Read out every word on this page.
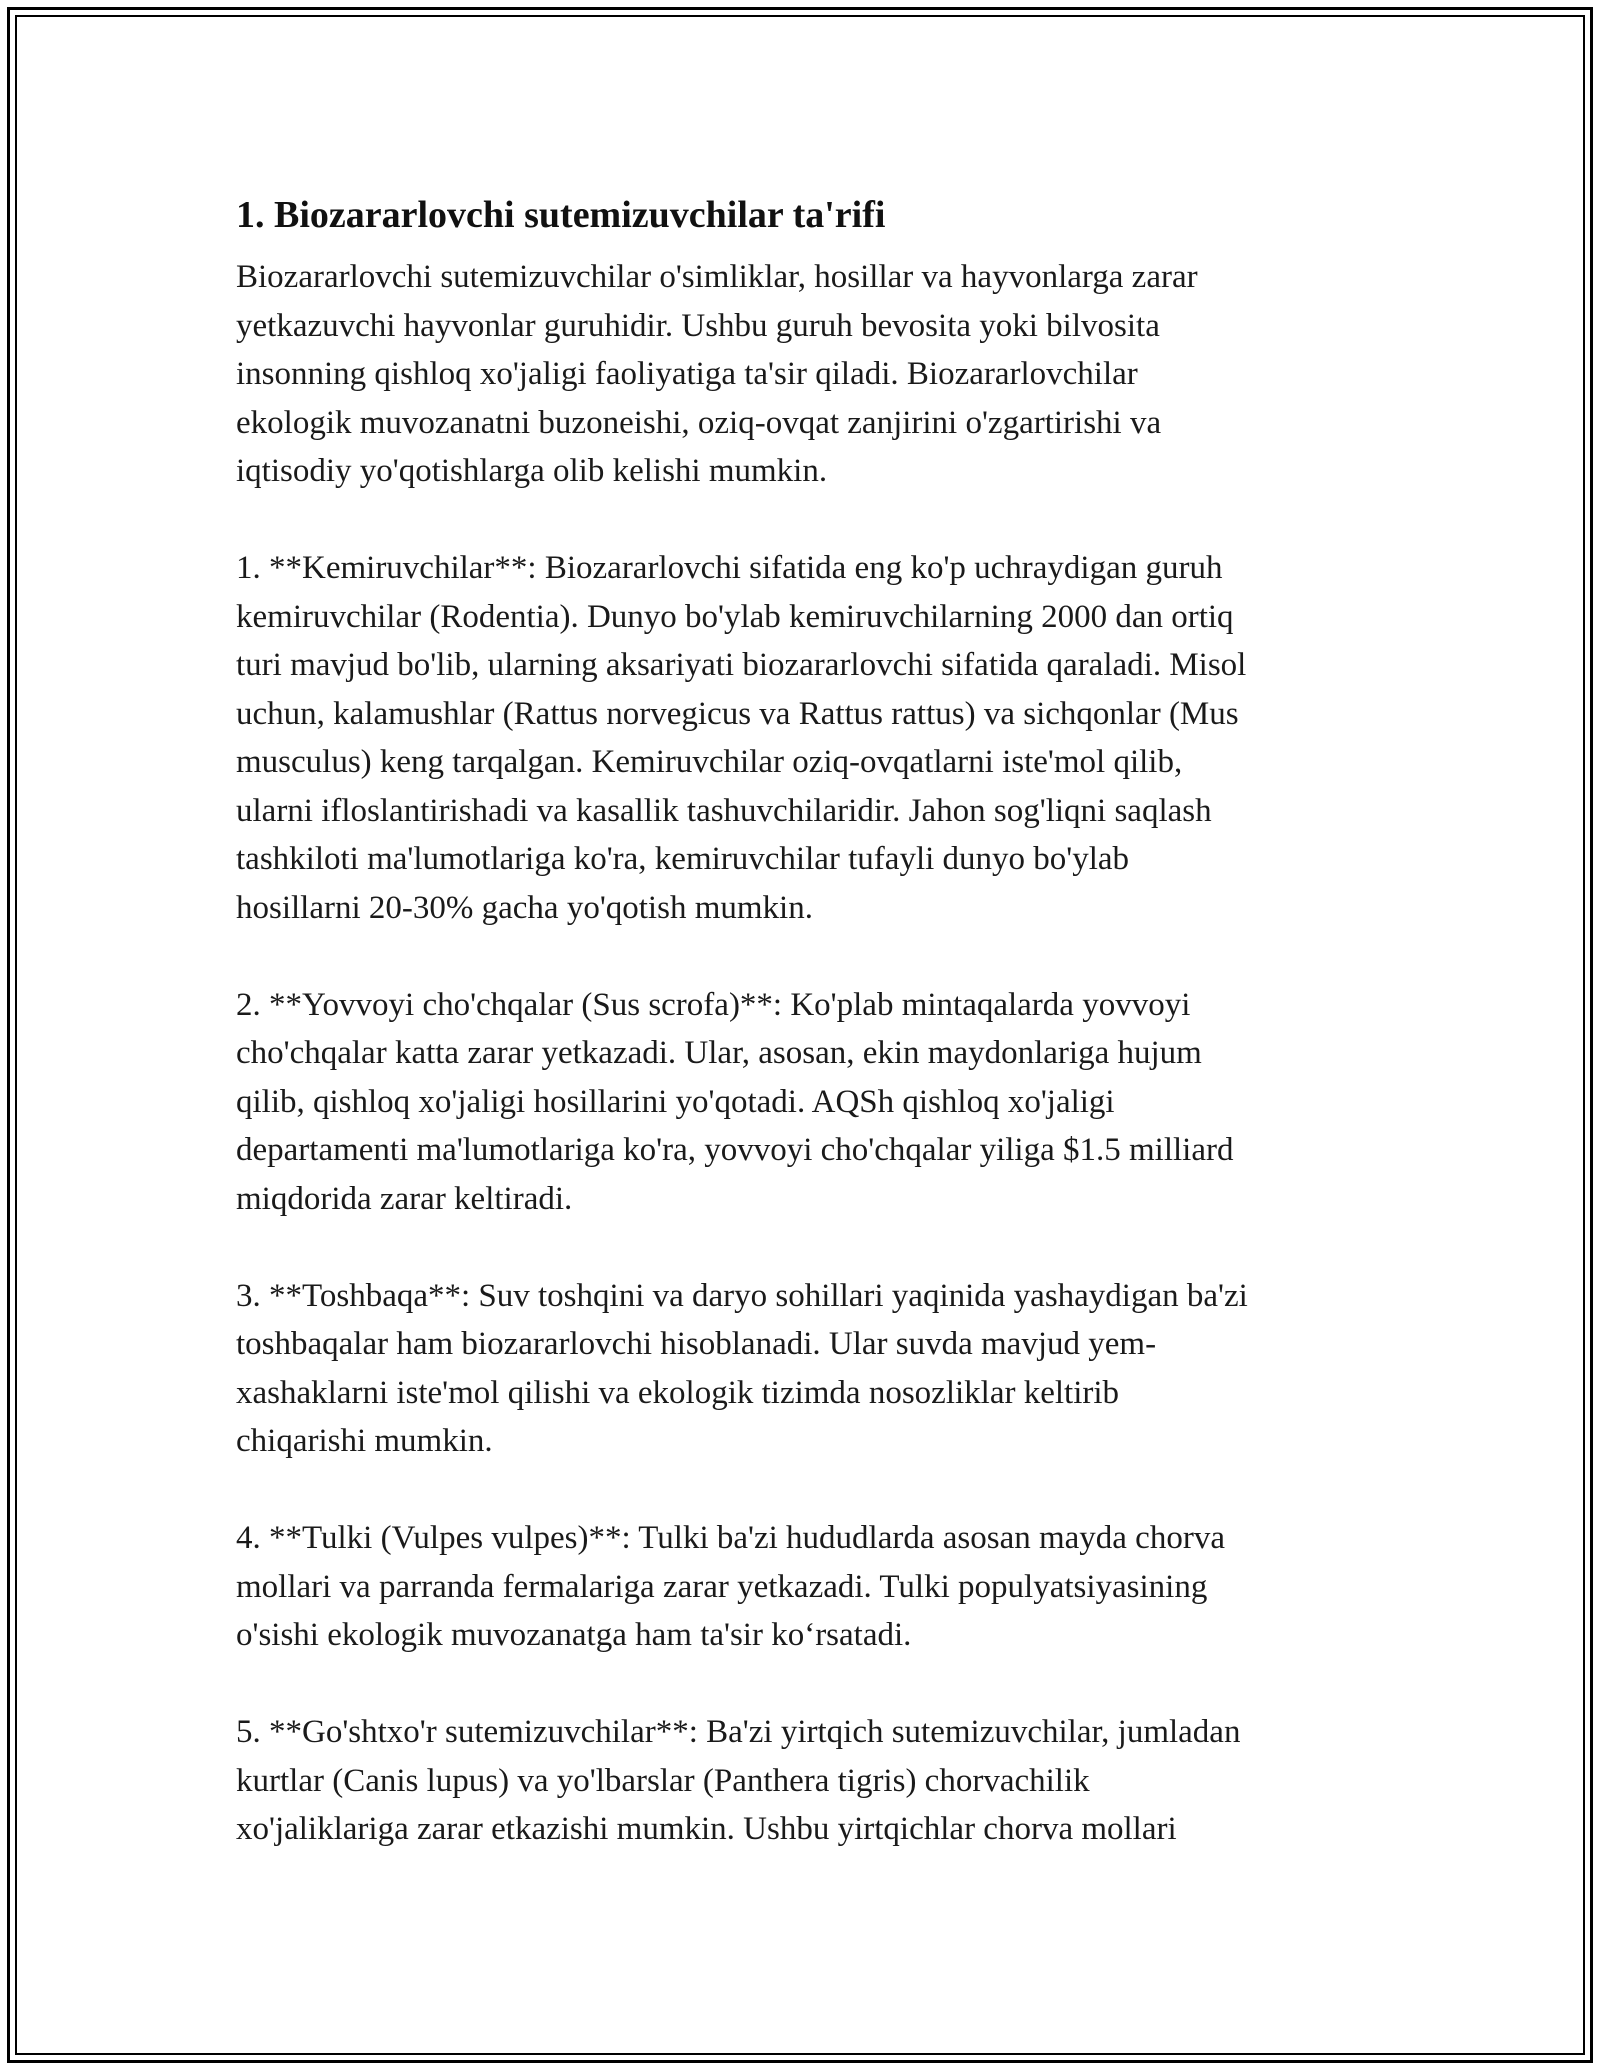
1. Biozararlovchi sutemizuvchilar ta'rifi

Biozararlovchi sutemizuvchilar o'simliklar, hosillar va hayvonlarga zarar
yetkazuvchi hayvonlar guruhidir. Ushbu guruh bevosita yoki bilvosita
insonning qishloq xo'jaligi faoliyatiga ta'sir qiladi. Biozararlovchilar
ekologik muvozanatni buzoneishi, oziq-ovqat zanjirini o'zgartirishi va
iqtisodiy yo'qotishlarga olib kelishi mumkin.

1. **Kemiruvchilar**: Biozararlovchi sifatida eng ko'p uchraydigan guruh
kemiruvchilar (Rodentia). Dunyo bo'ylab kemiruvchilarning 2000 dan ortiq
turi mavjud bo'lib, ularning aksariyati biozararlovchi sifatida qaraladi. Misol
uchun, kalamushlar (Rattus norvegicus va Rattus rattus) va sichqonlar (Mus
musculus) keng tarqalgan. Kemiruvchilar oziq-ovqatlarni iste'mol qilib,
ularni ifloslantirishadi va kasallik tashuvchilaridir. Jahon sog'liqni saqlash
tashkiloti ma'lumotlariga ko'ra, kemiruvchilar tufayli dunyo bo'ylab
hosillarni 20-30% gacha yo'qotish mumkin.

2. **Yovvoyi cho'chqalar (Sus scrofa)**: Ko'plab mintaqalarda yovvoyi
cho'chqalar katta zarar yetkazadi. Ular, asosan, ekin maydonlariga hujum
qilib, qishloq xo'jaligi hosillarini yo'qotadi. AQSh qishloq xo'jaligi
departamenti ma'lumotlariga ko'ra, yovvoyi cho'chqalar yiliga $1.5 milliard
miqdorida zarar keltiradi.

3. **Toshbaqa**: Suv toshqini va daryo sohillari yaqinida yashaydigan ba'zi
toshbaqalar ham biozararlovchi hisoblanadi. Ular suvda mavjud yem-
xashaklarni iste'mol qilishi va ekologik tizimda nosozliklar keltirib
chiqarishi mumkin.

4. **Tulki (Vulpes vulpes)**: Tulki ba'zi hududlarda asosan mayda chorva
mollari va parranda fermalariga zarar yetkazadi. Tulki populyatsiyasining
o'sishi ekologik muvozanatga ham ta'sir ko‘rsatadi.

5. **Go'shtxo'r sutemizuvchilar**: Ba'zi yirtqich sutemizuvchilar, jumladan
kurtlar (Canis lupus) va yo'lbarslar (Panthera tigris) chorvachilik
xo'jaliklariga zarar etkazishi mumkin. Ushbu yirtqichlar chorva mollari
